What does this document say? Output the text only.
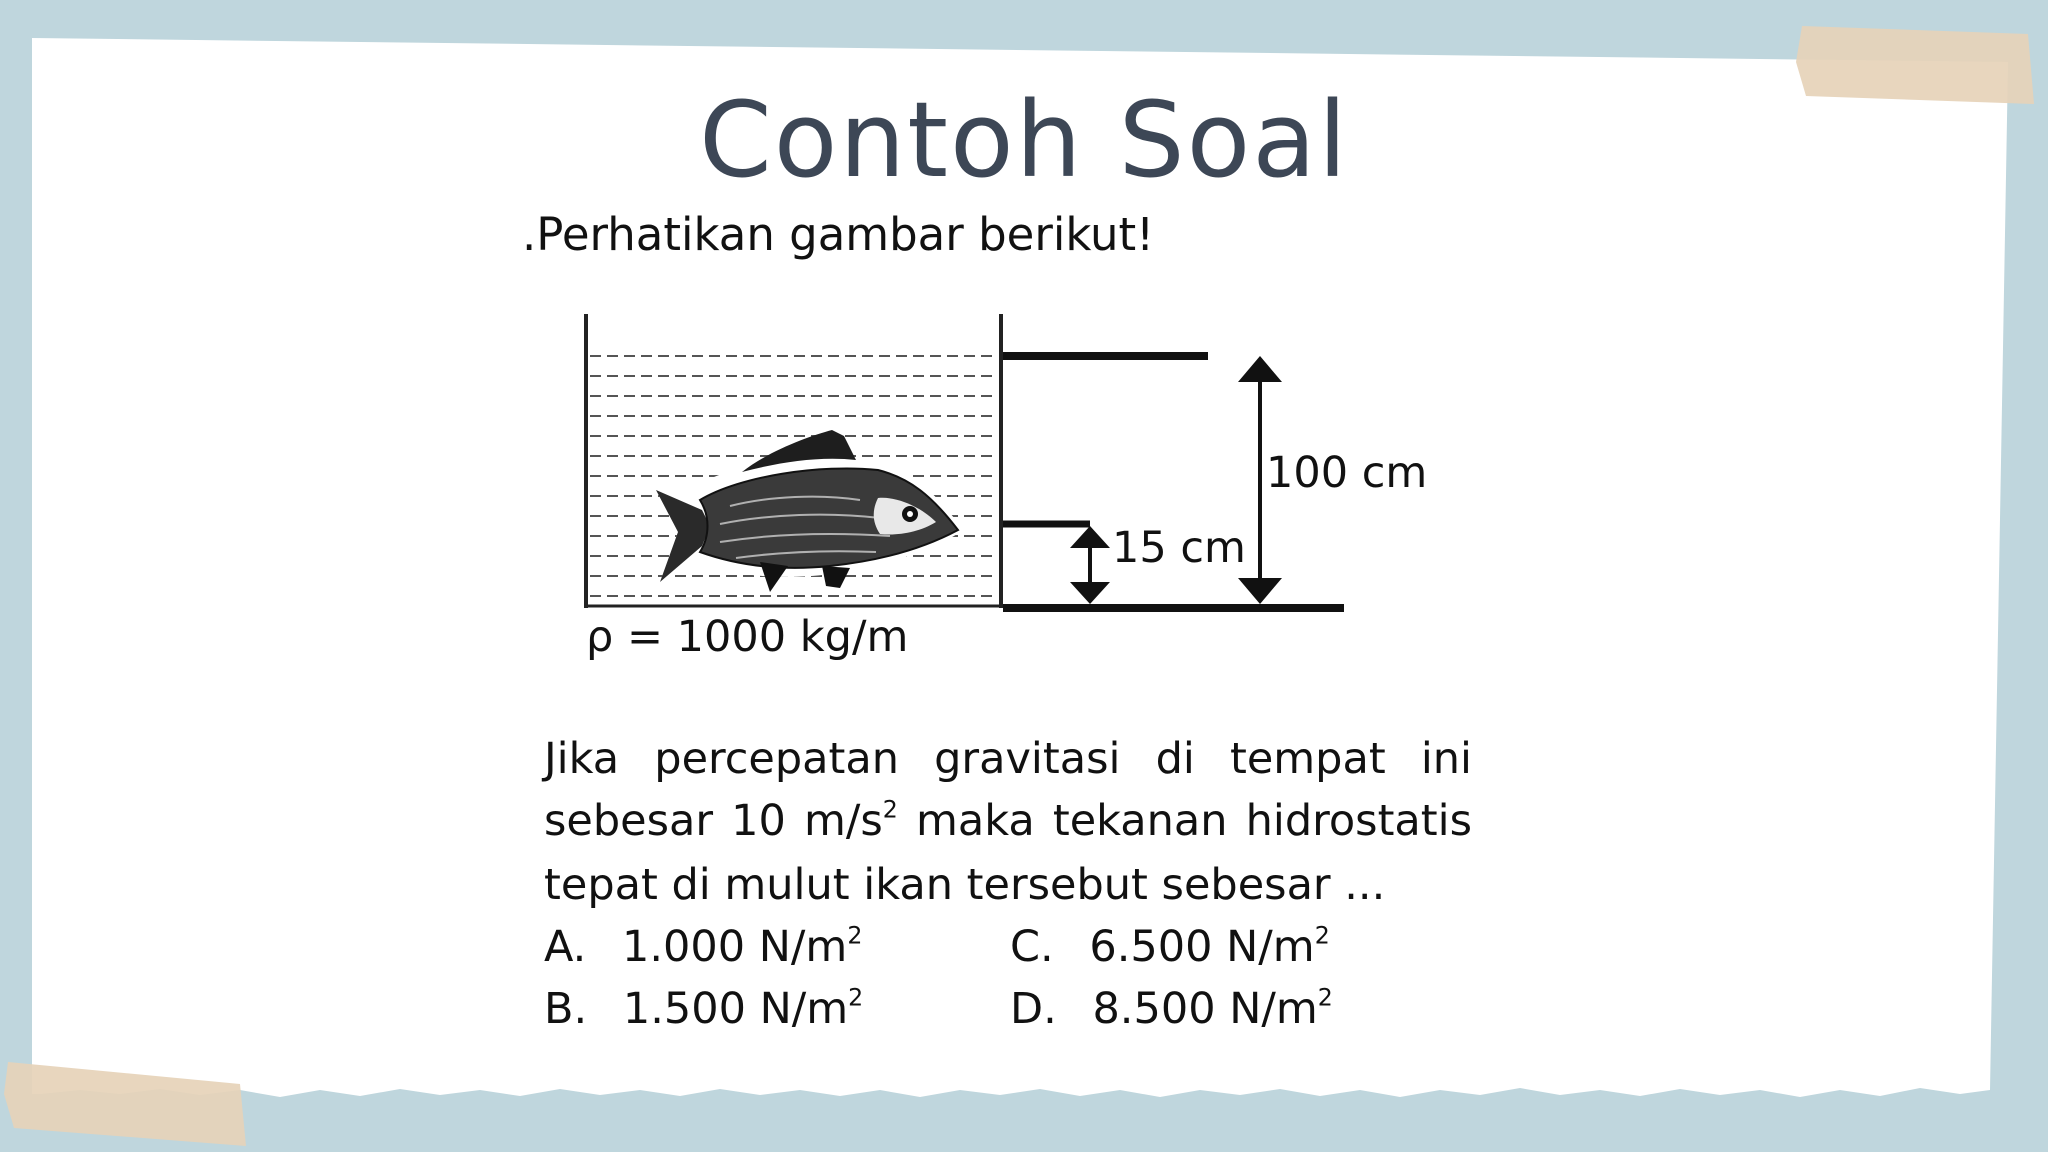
Contoh Soal
.Perhatikan gambar berikut!
100 cm
15 cm
ρ = 1000 kg/m
Jika percepatan gravitasi di tempat ini
sebesar 10 $m/s^2$ maka tekanan hidrostatis
tepat di mulut ikan tersebut sebesar ...
A. 1.000 $N/m^2$
B. 1.500 $N/m^2$
C. 6.500 $N/m^2$
D. 8.500 $N/m^2$
